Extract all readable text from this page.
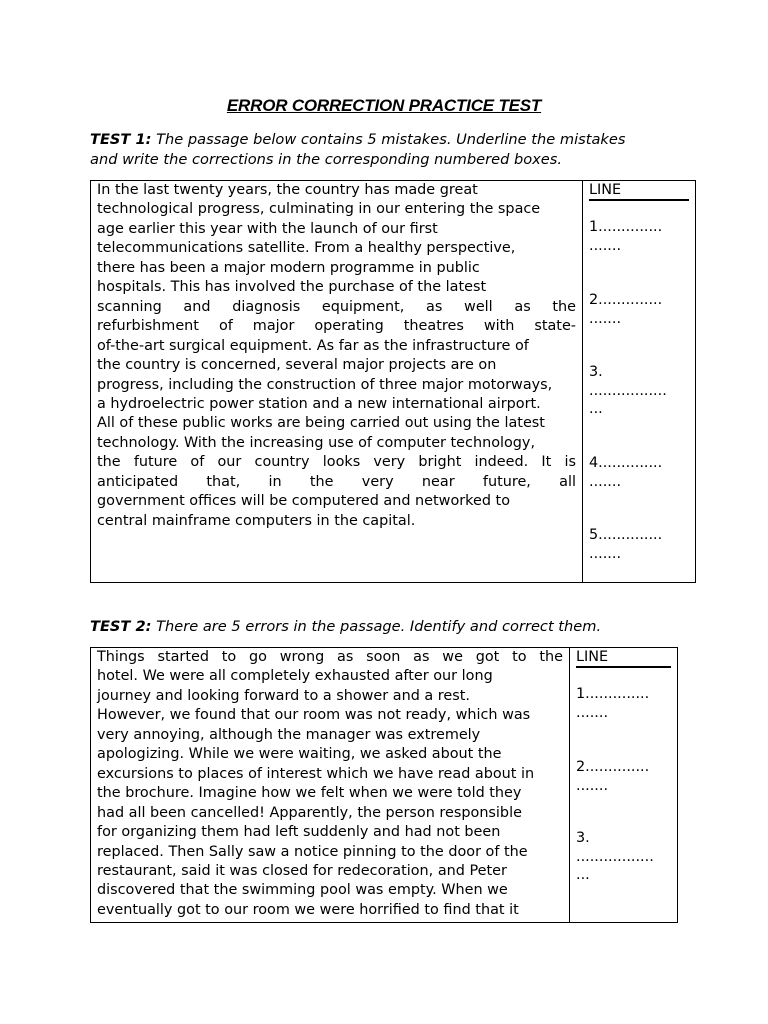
ERROR CORRECTION PRACTICE TEST
TEST 1: The passage below contains 5 mistakes. Underline the mistakes
and write the corrections in the corresponding numbered boxes.
In the last twenty years, the country has made great
technological progress, culminating in our entering the space
age earlier this year with the launch of our first
telecommunications satellite. From a healthy perspective,
there has been a major modern programme in public
hospitals. This has involved the purchase of the latest
scanning and diagnosis equipment, as well as the
refurbishment of major operating theatres with state-
of-the-art surgical equipment. As far as the infrastructure of
the country is concerned, several major projects are on
progress, including the construction of three major motorways,
a hydroelectric power station and a new international airport.
All of these public works are being carried out using the latest
technology. With the increasing use of computer technology,
the future of our country looks very bright indeed. It is
anticipated that, in the very near future, all
government offices will be computered and networked to
central mainframe computers in the capital.
LINE
1..............
.......
2..............
.......
3.
.................
...
4..............
.......
5..............
.......
TEST 2: There are 5 errors in the passage. Identify and correct them.
Things started to go wrong as soon as we got to the
hotel. We were all completely exhausted after our long
journey and looking forward to a shower and a rest.
However, we found that our room was not ready, which was
very annoying, although the manager was extremely
apologizing. While we were waiting, we asked about the
excursions to places of interest which we have read about in
the brochure. Imagine how we felt when we were told they
had all been cancelled! Apparently, the person responsible
for organizing them had left suddenly and had not been
replaced. Then Sally saw a notice pinning to the door of the
restaurant, said it was closed for redecoration, and Peter
discovered that the swimming pool was empty. When we
eventually got to our room we were horrified to find that it
LINE
1..............
.......
2..............
.......
3.
.................
...
